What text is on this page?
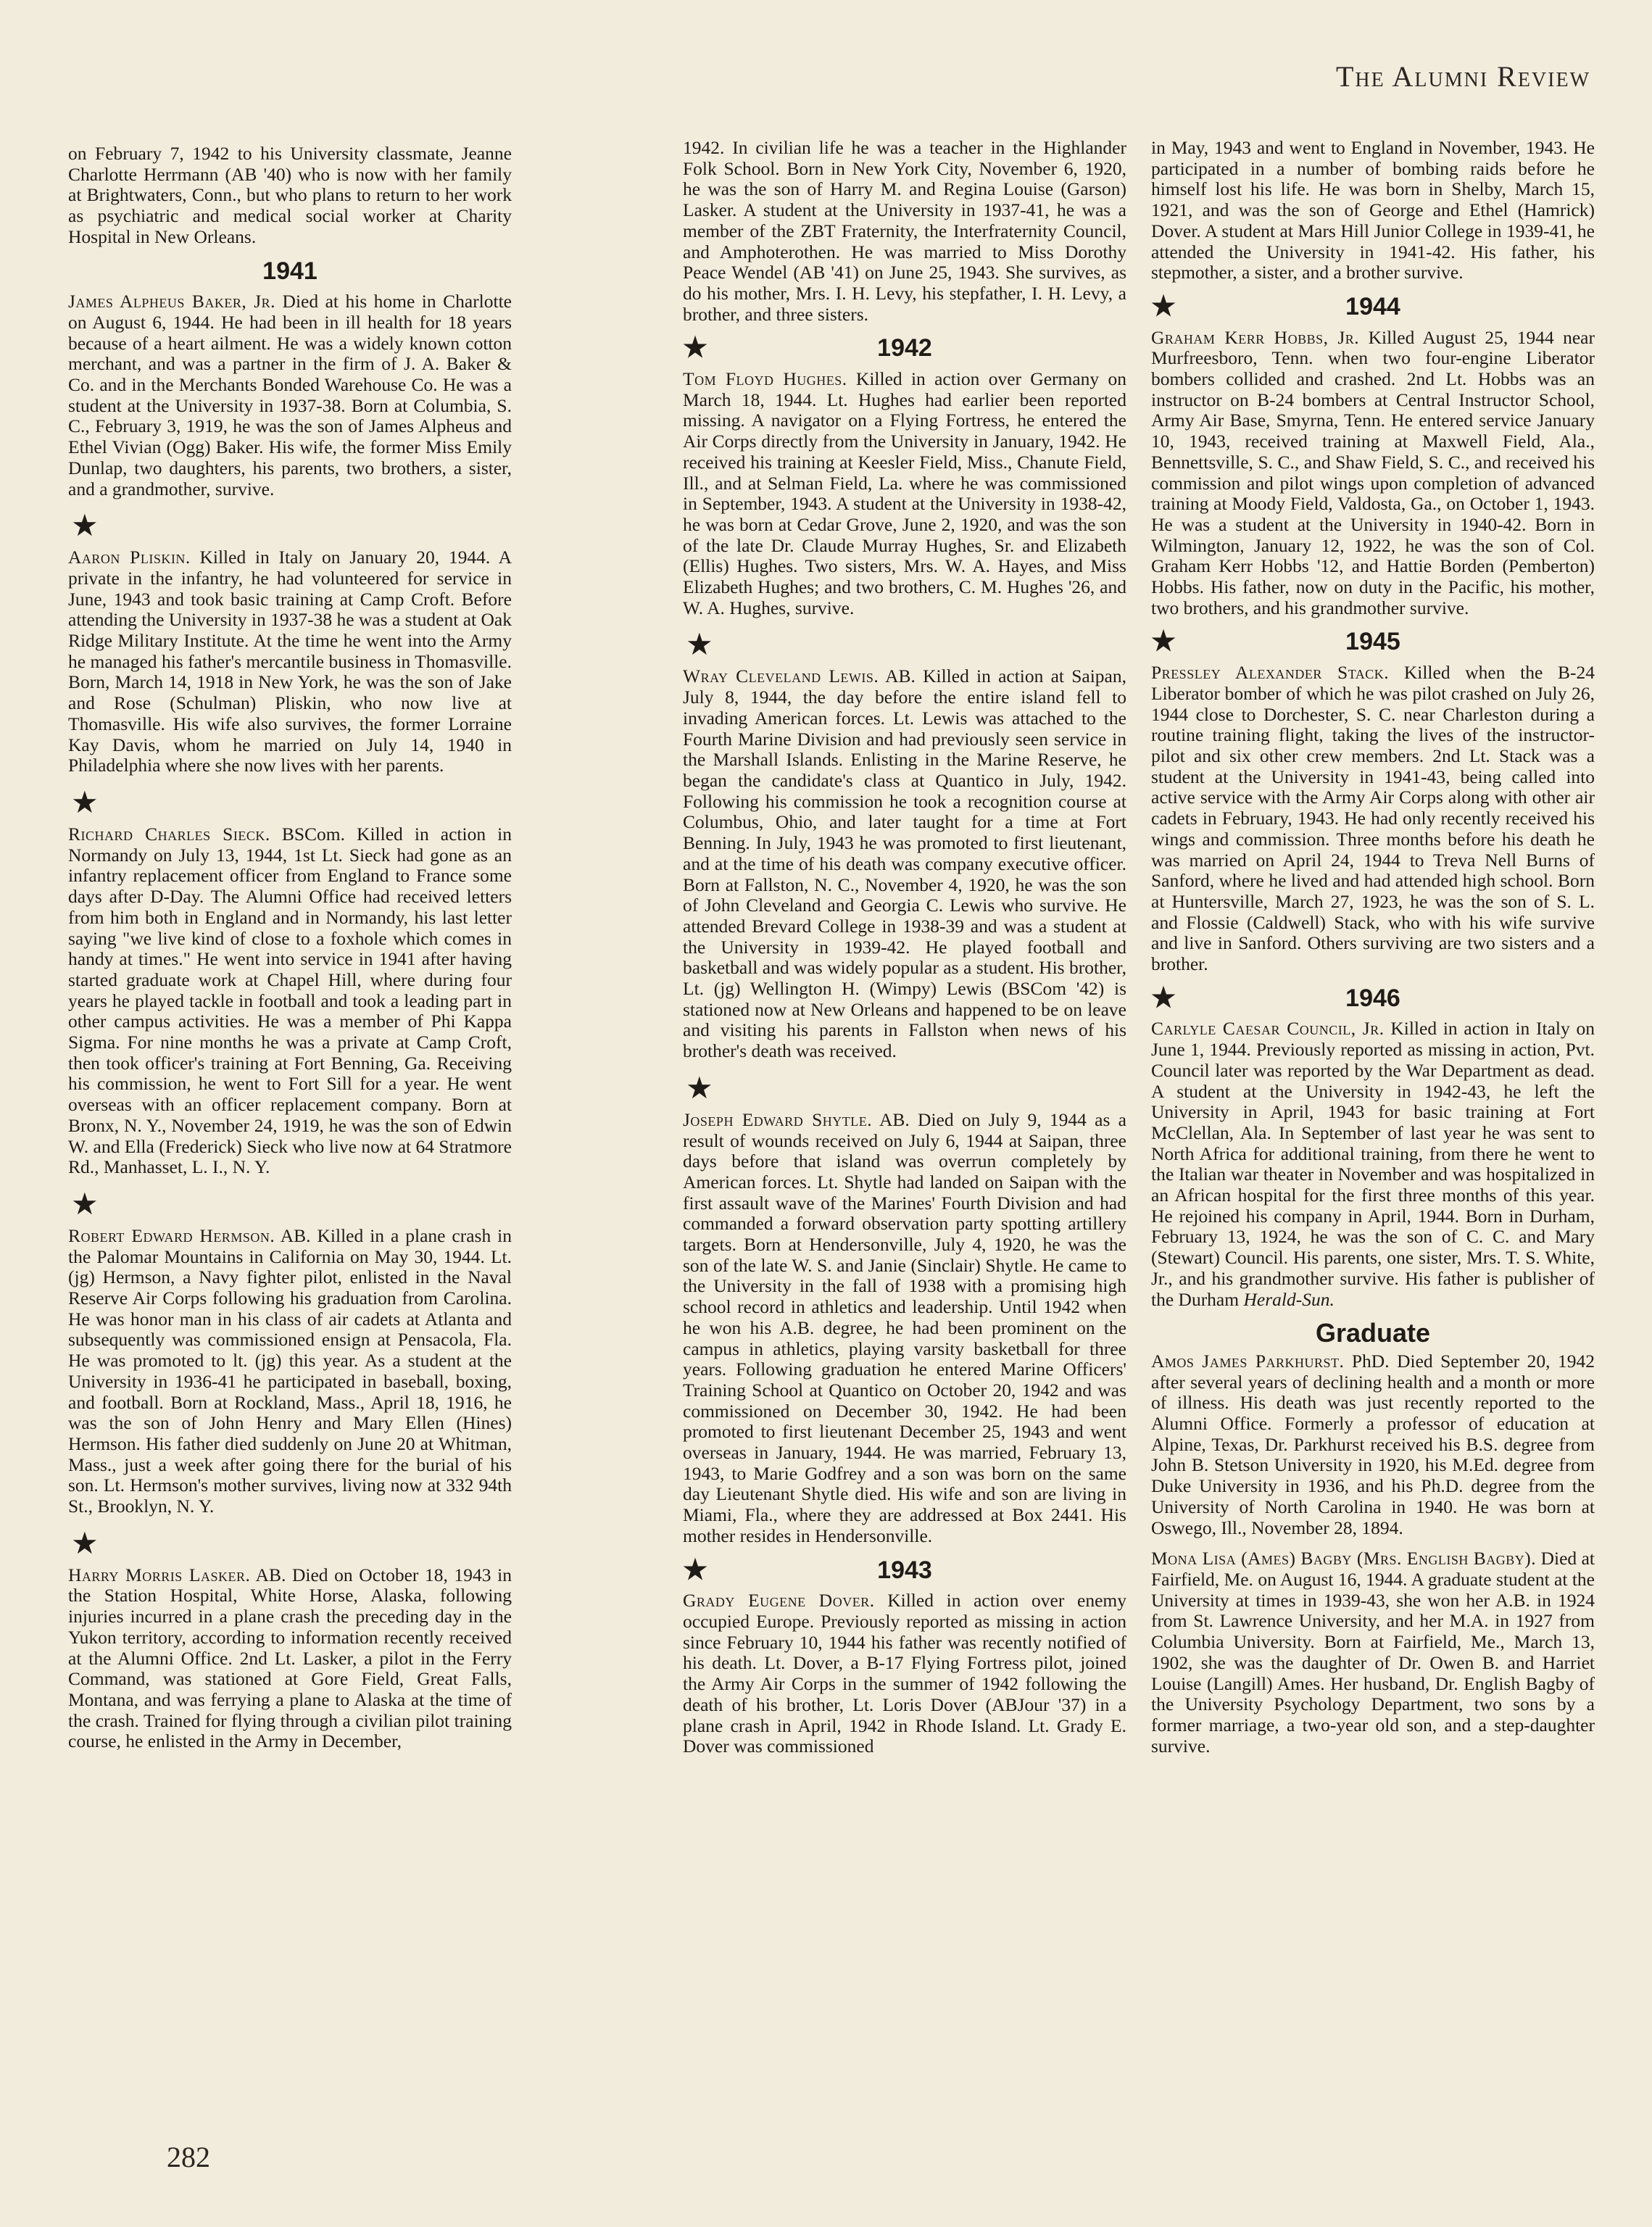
The Alumni Review

on February 7, 1942 to his University classmate, Jeanne Charlotte Herrmann (AB '40) who is now with her family at Brightwaters, Conn., but who plans to return to her work as psychiatric and medical social worker at Charity Hospital in New Orleans.

1941

James Alpheus Baker, Jr. Died at his home in Charlotte on August 6, 1944. He had been in ill health for 18 years because of a heart ailment. He was a widely known cotton merchant, and was a partner in the firm of J. A. Baker & Co. and in the Merchants Bonded Warehouse Co. He was a student at the University in 1937-38. Born at Columbia, S. C., February 3, 1919, he was the son of James Alpheus and Ethel Vivian (Ogg) Baker. His wife, the former Miss Emily Dunlap, two daughters, his parents, two brothers, a sister, and a grandmother, survive.

★

Aaron Pliskin. Killed in Italy on January 20, 1944. A private in the infantry, he had volunteered for service in June, 1943 and took basic training at Camp Croft. Before attending the University in 1937-38 he was a student at Oak Ridge Military Institute. At the time he went into the Army he managed his father's mercantile business in Thomasville. Born, March 14, 1918 in New York, he was the son of Jake and Rose (Schulman) Pliskin, who now live at Thomasville. His wife also survives, the former Lorraine Kay Davis, whom he married on July 14, 1940 in Philadelphia where she now lives with her parents.

★

Richard Charles Sieck. BSCom. Killed in action in Normandy on July 13, 1944, 1st Lt. Sieck had gone as an infantry replacement officer from England to France some days after D-Day. The Alumni Office had received letters from him both in England and in Normandy, his last letter saying "we live kind of close to a foxhole which comes in handy at times." He went into service in 1941 after having started graduate work at Chapel Hill, where during four years he played tackle in football and took a leading part in other campus activities. He was a member of Phi Kappa Sigma. For nine months he was a private at Camp Croft, then took officer's training at Fort Benning, Ga. Receiving his commission, he went to Fort Sill for a year. He went overseas with an officer replacement company. Born at Bronx, N. Y., November 24, 1919, he was the son of Edwin W. and Ella (Frederick) Sieck who live now at 64 Stratmore Rd., Manhasset, L. I., N. Y.

★

Robert Edward Hermson. AB. Killed in a plane crash in the Palomar Mountains in California on May 30, 1944. Lt. (jg) Hermson, a Navy fighter pilot, enlisted in the Naval Reserve Air Corps following his graduation from Carolina. He was honor man in his class of air cadets at Atlanta and subsequently was commissioned ensign at Pensacola, Fla. He was promoted to lt. (jg) this year. As a student at the University in 1936-41 he participated in baseball, boxing, and football. Born at Rockland, Mass., April 18, 1916, he was the son of John Henry and Mary Ellen (Hines) Hermson. His father died suddenly on June 20 at Whitman, Mass., just a week after going there for the burial of his son. Lt. Hermson's mother survives, living now at 332 94th St., Brooklyn, N. Y.

★

Harry Morris Lasker. AB. Died on October 18, 1943 in the Station Hospital, White Horse, Alaska, following injuries incurred in a plane crash the preceding day in the Yukon territory, according to information recently received at the Alumni Office. 2nd Lt. Lasker, a pilot in the Ferry Command, was stationed at Gore Field, Great Falls, Montana, and was ferrying a plane to Alaska at the time of the crash. Trained for flying through a civilian pilot training course, he enlisted in the Army in December,

1942. In civilian life he was a teacher in the Highlander Folk School. Born in New York City, November 6, 1920, he was the son of Harry M. and Regina Louise (Garson) Lasker. A student at the University in 1937-41, he was a member of the ZBT Fraternity, the Interfraternity Council, and Amphoterothen. He was married to Miss Dorothy Peace Wendel (AB '41) on June 25, 1943. She survives, as do his mother, Mrs. I. H. Levy, his stepfather, I. H. Levy, a brother, and three sisters.

★	1942

Tom Floyd Hughes. Killed in action over Germany on March 18, 1944. Lt. Hughes had earlier been reported missing. A navigator on a Flying Fortress, he entered the Air Corps directly from the University in January, 1942. He received his training at Keesler Field, Miss., Chanute Field, Ill., and at Selman Field, La. where he was commissioned in September, 1943. A student at the University in 1938-42, he was born at Cedar Grove, June 2, 1920, and was the son of the late Dr. Claude Murray Hughes, Sr. and Elizabeth (Ellis) Hughes. Two sisters, Mrs. W. A. Hayes, and Miss Elizabeth Hughes; and two brothers, C. M. Hughes '26, and W. A. Hughes, survive.

★

Wray Cleveland Lewis. AB. Killed in action at Saipan, July 8, 1944, the day before the entire island fell to invading American forces. Lt. Lewis was attached to the Fourth Marine Division and had previously seen service in the Marshall Islands. Enlisting in the Marine Reserve, he began the candidate's class at Quantico in July, 1942. Following his commission he took a recognition course at Columbus, Ohio, and later taught for a time at Fort Benning. In July, 1943 he was promoted to first lieutenant, and at the time of his death was company executive officer. Born at Fallston, N. C., November 4, 1920, he was the son of John Cleveland and Georgia C. Lewis who survive. He attended Brevard College in 1938-39 and was a student at the University in 1939-42. He played football and basketball and was widely popular as a student. His brother, Lt. (jg) Wellington H. (Wimpy) Lewis (BSCom '42) is stationed now at New Orleans and happened to be on leave and visiting his parents in Fallston when news of his brother's death was received.

★

Joseph Edward Shytle. AB. Died on July 9, 1944 as a result of wounds received on July 6, 1944 at Saipan, three days before that island was overrun completely by American forces. Lt. Shytle had landed on Saipan with the first assault wave of the Marines' Fourth Division and had commanded a forward observation party spotting artillery targets. Born at Hendersonville, July 4, 1920, he was the son of the late W. S. and Janie (Sinclair) Shytle. He came to the University in the fall of 1938 with a promising high school record in athletics and leadership. Until 1942 when he won his A.B. degree, he had been prominent on the campus in athletics, playing varsity basketball for three years. Following graduation he entered Marine Officers' Training School at Quantico on October 20, 1942 and was commissioned on December 30, 1942. He had been promoted to first lieutenant December 25, 1943 and went overseas in January, 1944. He was married, February 13, 1943, to Marie Godfrey and a son was born on the same day Lieutenant Shytle died. His wife and son are living in Miami, Fla., where they are addressed at Box 2441. His mother resides in Hendersonville.

★	1943

Grady Eugene Dover. Killed in action over enemy occupied Europe. Previously reported as missing in action since February 10, 1944 his father was recently notified of his death. Lt. Dover, a B-17 Flying Fortress pilot, joined the Army Air Corps in the summer of 1942 following the death of his brother, Lt. Loris Dover (ABJour '37) in a plane crash in April, 1942 in Rhode Island. Lt. Grady E. Dover was commissioned

in May, 1943 and went to England in November, 1943. He participated in a number of bombing raids before he himself lost his life. He was born in Shelby, March 15, 1921, and was the son of George and Ethel (Hamrick) Dover. A student at Mars Hill Junior College in 1939-41, he attended the University in 1941-42. His father, his stepmother, a sister, and a brother survive.

★	1944

Graham Kerr Hobbs, Jr. Killed August 25, 1944 near Murfreesboro, Tenn. when two four-engine Liberator bombers collided and crashed. 2nd Lt. Hobbs was an instructor on B-24 bombers at Central Instructor School, Army Air Base, Smyrna, Tenn. He entered service January 10, 1943, received training at Maxwell Field, Ala., Bennettsville, S. C., and Shaw Field, S. C., and received his commission and pilot wings upon completion of advanced training at Moody Field, Valdosta, Ga., on October 1, 1943. He was a student at the University in 1940-42. Born in Wilmington, January 12, 1922, he was the son of Col. Graham Kerr Hobbs '12, and Hattie Borden (Pemberton) Hobbs. His father, now on duty in the Pacific, his mother, two brothers, and his grandmother survive.

★	1945

Pressley Alexander Stack. Killed when the B-24 Liberator bomber of which he was pilot crashed on July 26, 1944 close to Dorchester, S. C. near Charleston during a routine training flight, taking the lives of the instructor-pilot and six other crew members. 2nd Lt. Stack was a student at the University in 1941-43, being called into active service with the Army Air Corps along with other air cadets in February, 1943. He had only recently received his wings and commission. Three months before his death he was married on April 24, 1944 to Treva Nell Burns of Sanford, where he lived and had attended high school. Born at Huntersville, March 27, 1923, he was the son of S. L. and Flossie (Caldwell) Stack, who with his wife survive and live in Sanford. Others surviving are two sisters and a brother.

★	1946

Carlyle Caesar Council, Jr. Killed in action in Italy on June 1, 1944. Previously reported as missing in action, Pvt. Council later was reported by the War Department as dead. A student at the University in 1942-43, he left the University in April, 1943 for basic training at Fort McClellan, Ala. In September of last year he was sent to North Africa for additional training, from there he went to the Italian war theater in November and was hospitalized in an African hospital for the first three months of this year. He rejoined his company in April, 1944. Born in Durham, February 13, 1924, he was the son of C. C. and Mary (Stewart) Council. His parents, one sister, Mrs. T. S. White, Jr., and his grandmother survive. His father is publisher of the Durham Herald-Sun.

Graduate

Amos James Parkhurst. PhD. Died September 20, 1942 after several years of declining health and a month or more of illness. His death was just recently reported to the Alumni Office. Formerly a professor of education at Alpine, Texas, Dr. Parkhurst received his B.S. degree from John B. Stetson University in 1920, his M.Ed. degree from Duke University in 1936, and his Ph.D. degree from the University of North Carolina in 1940. He was born at Oswego, Ill., November 28, 1894.

Mona Lisa (Ames) Bagby (Mrs. English Bagby). Died at Fairfield, Me. on August 16, 1944. A graduate student at the University at times in 1939-43, she won her A.B. in 1924 from St. Lawrence University, and her M.A. in 1927 from Columbia University. Born at Fairfield, Me., March 13, 1902, she was the daughter of Dr. Owen B. and Harriet Louise (Langill) Ames. Her husband, Dr. English Bagby of the University Psychology Department, two sons by a former marriage, a two-year old son, and a step-daughter survive.

282
